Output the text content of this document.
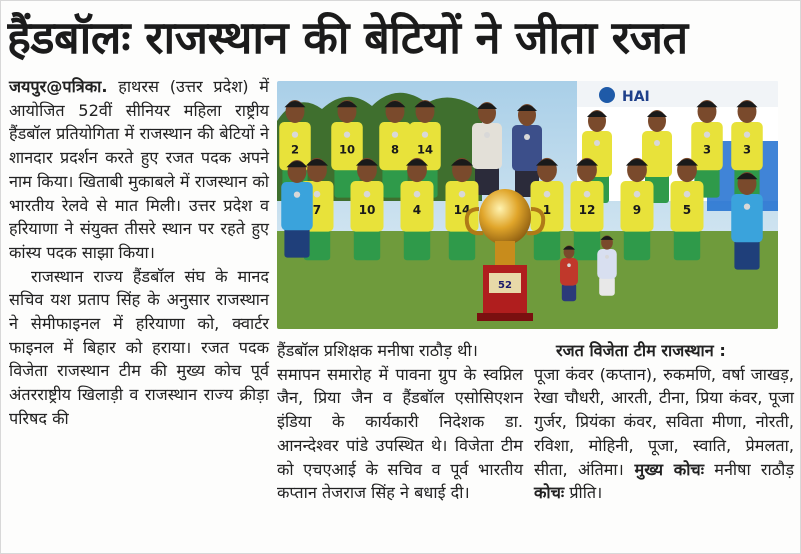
हैंडबॉलः राजस्थान की बेटियों ने जीता रजत

जयपुर@पत्रिका. हाथरस (उत्तर प्रदेश) में आयोजित 52वीं सीनियर महिला राष्ट्रीय हैंडबॉल प्रतियोगिता में राजस्थान की बेटियों ने शानदार प्रदर्शन करते हुए रजत पदक अपने नाम किया। खिताबी मुकाबले में राजस्थान को भारतीय रेलवे से मात मिली। उत्तर प्रदेश व हरियाणा ने संयुक्त तीसरे स्थान पर रहते हुए कांस्य पदक साझा किया।

राजस्थान राज्य हैंडबॉल संघ के मानद सचिव यश प्रताप सिंह के अनुसार राजस्थान ने सेमीफाइनल में हरियाणा को, क्वार्टर फाइनल में बिहार को हराया। रजत पदक विजेता राजस्थान टीम की मुख्य कोच पूर्व अंतरराष्ट्रीय खिलाड़ी व राजस्थान राज्य क्रीड़ा परिषद की

HAI
2	10	8 14	3	3
7	10	4	14	1 12	9	5
52

हैंडबॉल प्रशिक्षक मनीषा राठौड़ थी।

समापन समारोह में पावना ग्रुप के स्वप्निल जैन, प्रिया जैन व हैंडबॉल एसोसिएशन इंडिया के कार्यकारी निदेशक डा. आनन्देश्वर पांडे उपस्थित थे। विजेता टीम को एचएआई के सचिव व पूर्व भारतीय कप्तान तेजराज सिंह ने बधाई दी।

रजत विजेता टीम राजस्थान :
पूजा कंवर (कप्तान), रुकमणि, वर्षा जाखड़, रेखा चौधरी, आरती, टीना, प्रिया कंवर, पूजा गुर्जर, प्रियंका कंवर, सविता मीणा, नोरती, रविशा, मोहिनी, पूजा, स्वाति, प्रेमलता, सीता, अंतिमा। मुख्य कोचः मनीषा राठौड़ कोचः प्रीति।
